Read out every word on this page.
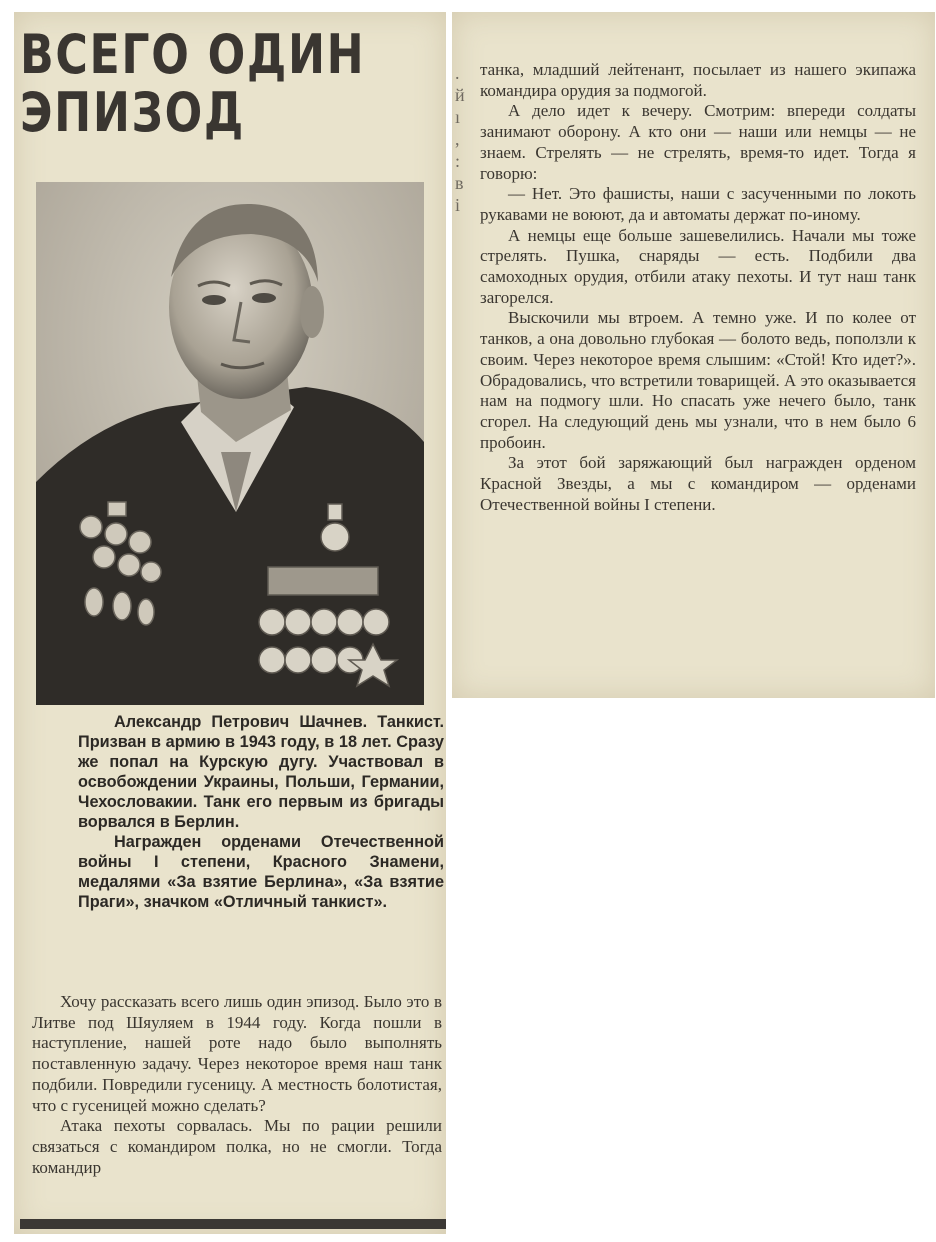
ВСЕГО ОДИН
ЭПИЗОД

Александр Петрович Шачнев. Танкист. Призван в армию в 1943 году, в 18 лет. Сразу же попал на Курскую дугу. Участвовал в освобождении Украины, Польши, Германии, Чехословакии. Танк его первым из бригады ворвался в Берлин.

Награжден орденами Отечественной войны I степени, Красного Знамени, медалями «За взятие Берлина», «За взятие Праги», значком «Отличный танкист».

Хочу рассказать всего лишь один эпизод. Было это в Литве под Шяуляем в 1944 году. Когда пошли в наступление, нашей роте надо было выполнять поставленную задачу. Через некоторое время наш танк подбили. Повредили гусеницу. А местность болотистая, что с гусеницей можно сделать?

Атака пехоты сорвалась. Мы по рации решили связаться с командиром полка, но не смогли. Тогда командир

.
й
ı
,
:
в
і

танка, младший лейтенант, посылает из нашего экипажа командира орудия за подмогой.

А дело идет к вечеру. Смотрим: впереди солдаты занимают оборону. А кто они — наши или немцы — не знаем. Стрелять — не стрелять, время-то идет. Тогда я говорю:

— Нет. Это фашисты, наши с засученными по локоть рукавами не воюют, да и автоматы держат по-иному.

А немцы еще больше зашевелились. Начали мы тоже стрелять. Пушка, снаряды — есть. Подбили два самоходных орудия, отбили атаку пехоты. И тут наш танк загорелся.

Выскочили мы втроем. А темно уже. И по колее от танков, а она довольно глубокая — болото ведь, поползли к своим. Через некоторое время слышим: «Стой! Кто идет?». Обрадовались, что встретили товарищей. А это оказывается нам на подмогу шли. Но спасать уже нечего было, танк сгорел. На следующий день мы узнали, что в нем было 6 пробоин.

За этот бой заряжающий был награжден орденом Красной Звезды, а мы с командиром — орденами Отечественной войны I степени.
